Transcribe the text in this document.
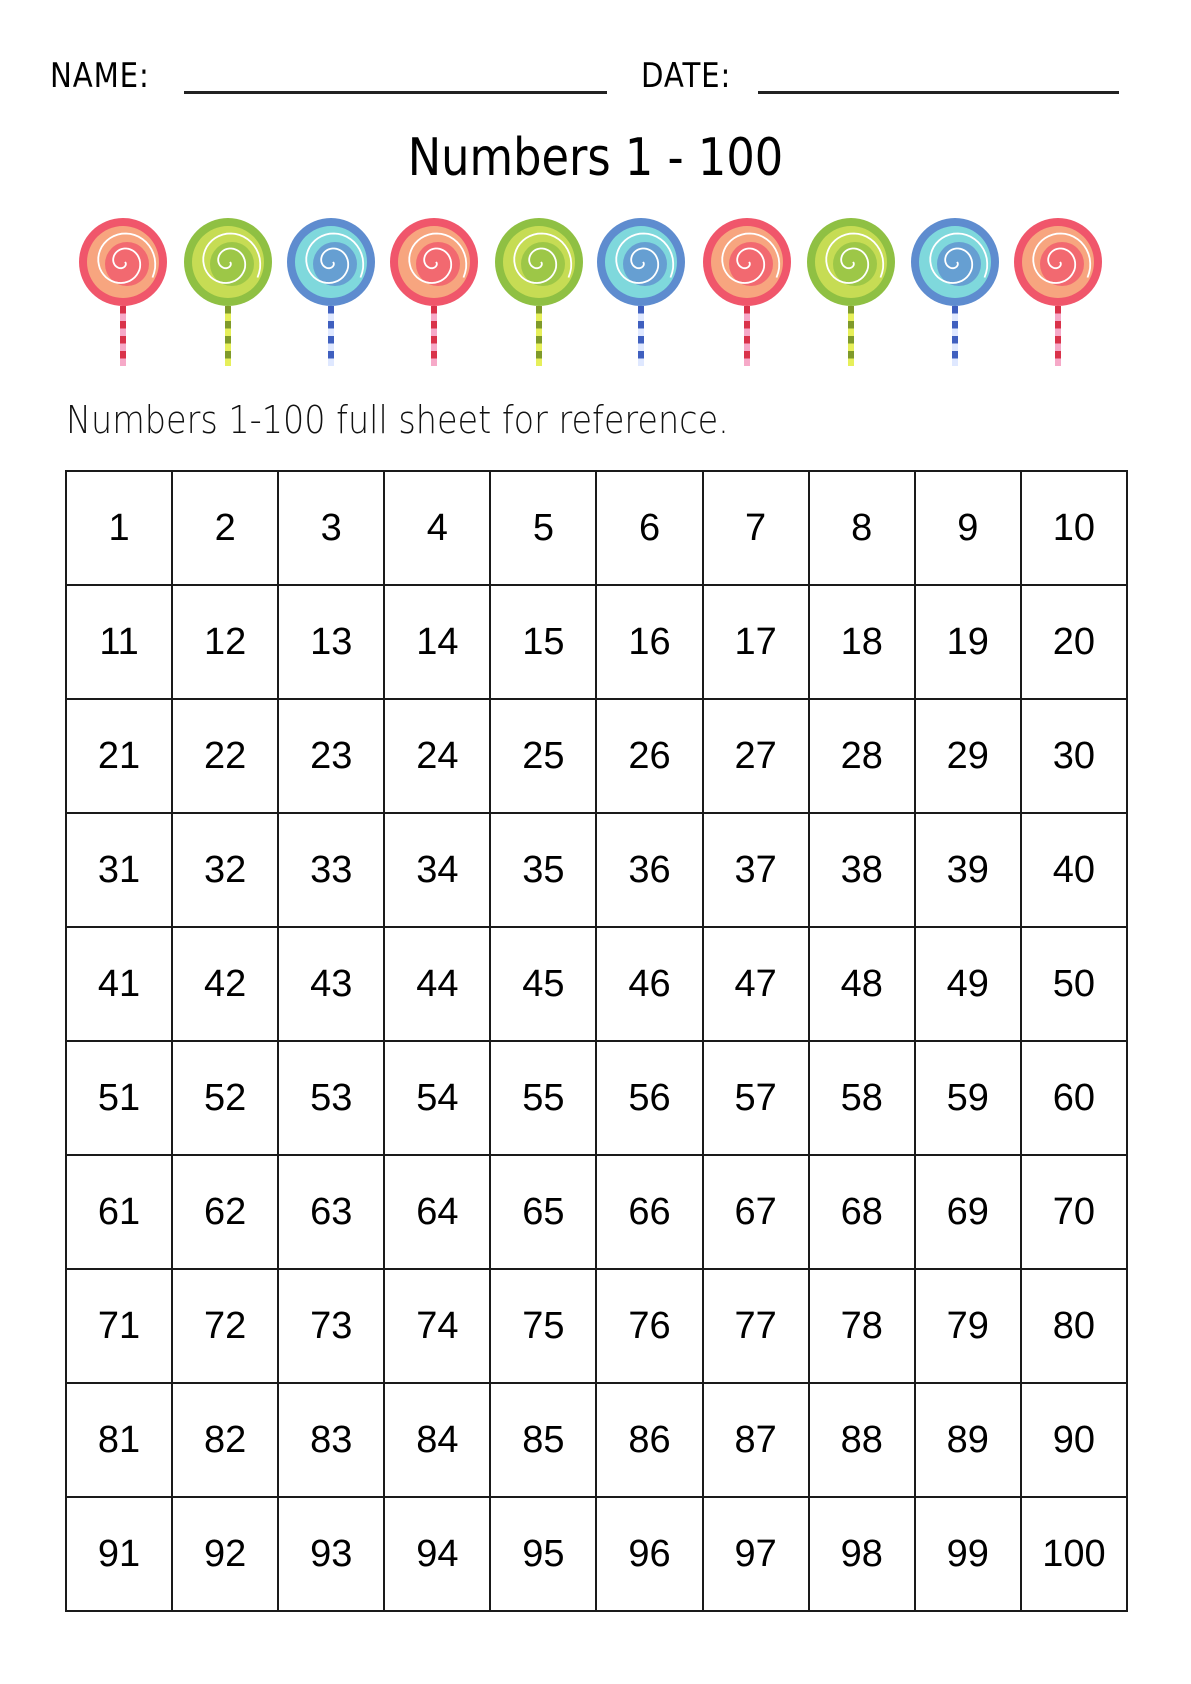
NAME:	DATE:
Numbers 1 - 100
Numbers 1-100 full sheet for reference.
1	2	3	4	5	6	7	8	9	10
11	12	13	14	15	16	17	18	19	20
21	22	23	24	25	26	27	28	29	30
31	32	33	34	35	36	37	38	39	40
41	42	43	44	45	46	47	48	49	50
51	52	53	54	55	56	57	58	59	60
61	62	63	64	65	66	67	68	69	70
71	72	73	74	75	76	77	78	79	80
81	82	83	84	85	86	87	88	89	90
91	92	93	94	95	96	97	98	99	100
